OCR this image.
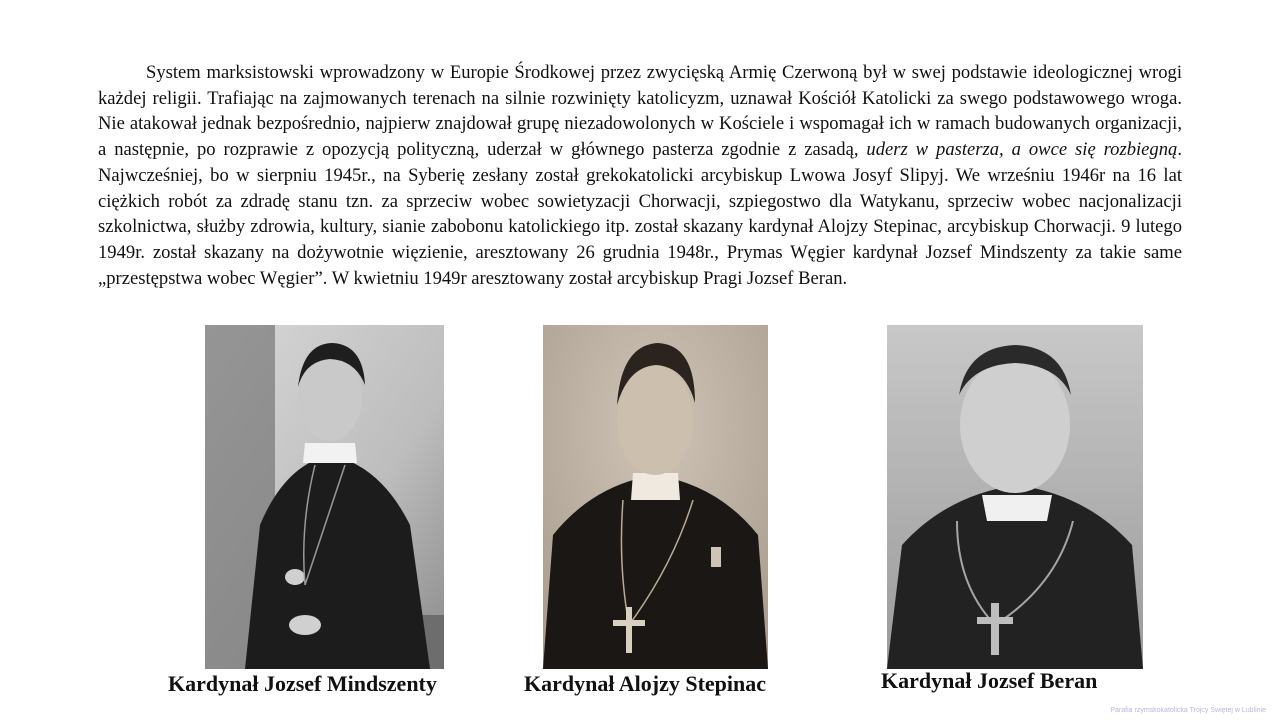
System marksistowski wprowadzony w Europie Środkowej przez zwycięską Armię Czerwoną był w swej podstawie ideologicznej wrogi każdej religii. Trafiając na zajmowanych terenach na silnie rozwinięty katolicyzm, uznawał Kościół Katolicki za swego podstawowego wroga. Nie atakował jednak bezpośrednio, najpierw znajdował grupę niezadowolonych w Kościele i wspomagał ich w ramach budowanych organizacji, a następnie, po rozprawie z opozycją polityczną, uderzał w głównego pasterza zgodnie z zasadą, uderz w pasterza, a owce się rozbiegną. Najwcześniej, bo w sierpniu 1945r., na Syberię zesłany został grekokatolicki arcybiskup Lwowa Josyf Slipyj. We wrześniu 1946r na 16 lat ciężkich robót za zdradę stanu tzn. za sprzeciw wobec sowietyzacji Chorwacji, szpiegostwo dla Watykanu, sprzeciw wobec nacjonalizacji szkolnictwa, służby zdrowia, kultury, sianie zabobonu katolickiego itp. został skazany kardynał Alojzy Stepinac, arcybiskup Chorwacji. 9 lutego 1949r. został skazany na dożywotnie więzienie, aresztowany 26 grudnia 1948r., Prymas Węgier kardynał Jozsef Mindszenty za takie same „przestępstwa wobec Węgier”. W kwietniu 1949r aresztowany został arcybiskup Pragi Jozsef Beran.

Kardynał Jozsef Mindszenty	Kardynał Alojzy Stepinac	Kardynał Jozsef Beran
Parafia rzymskokatolicka Trójcy Świętej w Lublinie
